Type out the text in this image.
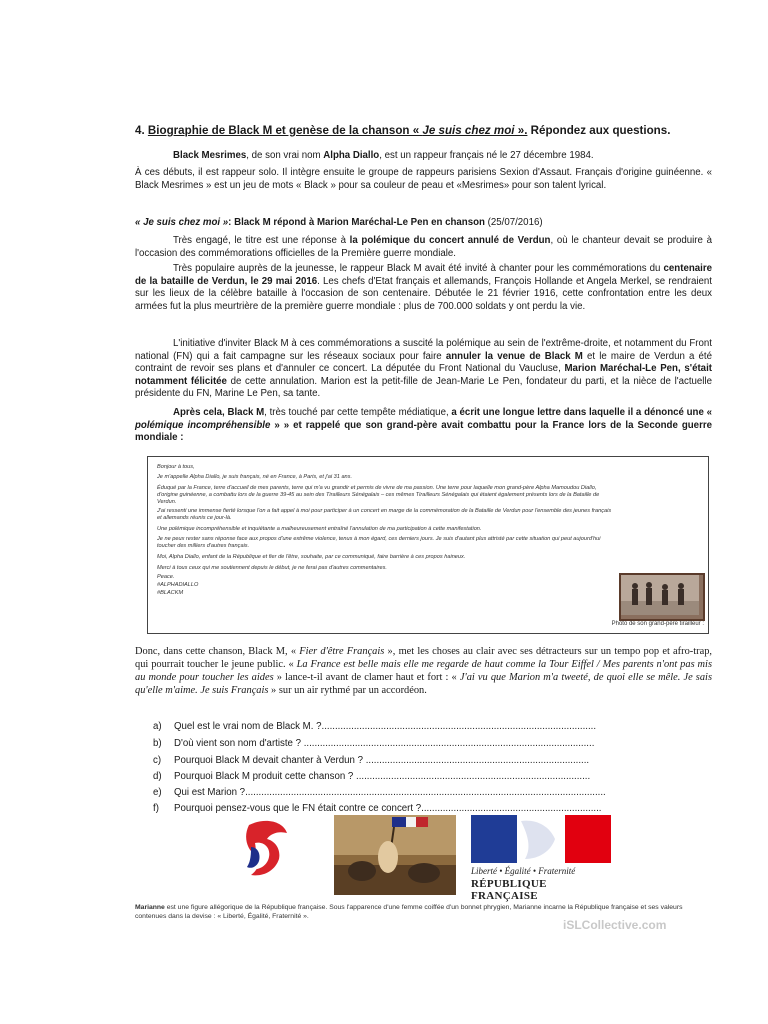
4. Biographie de Black M et genèse de la chanson « Je suis chez moi ». Répondez aux questions.

Black Mesrimes, de son vrai nom Alpha Diallo, est un rappeur français né le 27 décembre 1984.

À ces débuts, il est rappeur solo. Il intègre ensuite le groupe de rappeurs parisiens Sexion d'Assaut. Français d'origine guinéenne. « Black Mesrimes » est un jeu de mots « Black » pour sa couleur de peau et «Mesrimes» pour son talent lyrical.

« Je suis chez moi »: Black M répond à Marion Maréchal-Le Pen en chanson (25/07/2016)

Très engagé, le titre est une réponse à la polémique du concert annulé de Verdun, où le chanteur devait se produire à l'occasion des commémorations officielles de la Première guerre mondiale.

Très populaire auprès de la jeunesse, le rappeur Black M avait été invité à chanter pour les commémorations du centenaire de la bataille de Verdun, le 29 mai 2016. Les chefs d'Etat français et allemands, François Hollande et Angela Merkel, se rendraient sur les lieux de la célèbre bataille à l'occasion de son centenaire. Débutée le 21 février 1916, cette confrontation entre les deux armées fut la plus meurtrière de la première guerre mondiale : plus de 700.000 soldats y ont perdu la vie.

L'initiative d'inviter Black M à ces commémorations a suscité la polémique au sein de l'extrême-droite, et notamment du Front national (FN) qui a fait campagne sur les réseaux sociaux pour faire annuler la venue de Black M et le maire de Verdun a été contraint de revoir ses plans et d'annuler ce concert. La députée du Front National du Vaucluse, Marion Maréchal-Le Pen, s'était notamment félicitée de cette annulation. Marion est la petit-fille de Jean-Marie Le Pen, fondateur du parti, et la nièce de l'actuelle présidente du FN, Marine Le Pen, sa tante.

Après cela, Black M, très touché par cette tempête médiatique, a écrit une longue lettre dans laquelle il a dénoncé une « polémique incompréhensible » » et rappelé que son grand-père avait combattu pour la France lors de la Seconde guerre mondiale :

Bonjour à tous,
Je m'appelle Alpha Diallo, je suis français, né en France, à Paris, et j'ai 31 ans.
Éduqué par la France, terre d'accueil de mes parents, terre qui m'a vu grandir et permis de vivre de ma passion. Une terre pour laquelle mon grand-père Alpha Mamoudou Diallo, d'origine guinéenne, a combattu lors de la guerre 39-45 au sein des Tirailleurs Sénégalais – ces mêmes Tirailleurs Sénégalais qui étaient également présents lors de la Bataille de Verdun.
J'ai ressenti une immense fierté lorsque l'on a fait appel à moi pour participer à un concert en marge de la commémoration de la Bataille de Verdun pour l'ensemble des jeunes français et allemands réunis ce jour-là.
Une polémique incompréhensible et inquiétante a malheureusement entraîné l'annulation de ma participation à cette manifestation.
Je ne peux rester sans réponse face aux propos d'une extrême violence, tenus à mon égard, ces derniers jours. Je suis d'autant plus attristé par cette situation qui peut aujourd'hui toucher des milliers d'autres français.
Moi, Alpha Diallo, enfant de la République et fier de l'être, souhaite, par ce communiqué, faire barrière à ces propos haineux.
Merci à tous ceux qui me soutiennent depuis le début, je ne ferai pas d'autres commentaires.
Peace.
#ALPHADIALLO
#BLACKM
Photo de son grand-père tirailleur :

Donc, dans cette chanson, Black M, « Fier d'être Français », met les choses au clair avec ses détracteurs sur un tempo pop et afro-trap, qui pourrait toucher le jeune public. « La France est belle mais elle me regarde de haut comme la Tour Eiffel / Mes parents n'ont pas mis au monde pour toucher les aides » lance-t-il avant de clamer haut et fort : « J'ai vu que Marion m'a tweeté, de quoi elle se mêle. Je sais qu'elle m'aime. Je suis Français » sur un air rythmé par un accordéon.

a) Quel est le vrai nom de Black M. ?......................................................................................................
b) D'où vient son nom d'artiste ? ............................................................................................................
c) Pourquoi Black M devait chanter à Verdun ? ...................................................................................
d) Pourquoi Black M produit cette chanson ? .......................................................................................
e) Qui est Marion ?......................................................................................................................................
f) Pourquoi pensez-vous que le FN était contre ce concert ?...................................................................
Liberté • Égalité • Fraternité
RÉPUBLIQUE FRANÇAISE
Marianne est une figure allégorique de la République française. Sous l'apparence d'une femme coiffée d'un bonnet phrygien, Marianne incarne la République française et ses valeurs contenues dans la devise : « Liberté, Égalité, Fraternité ».
iSLCollective.com
